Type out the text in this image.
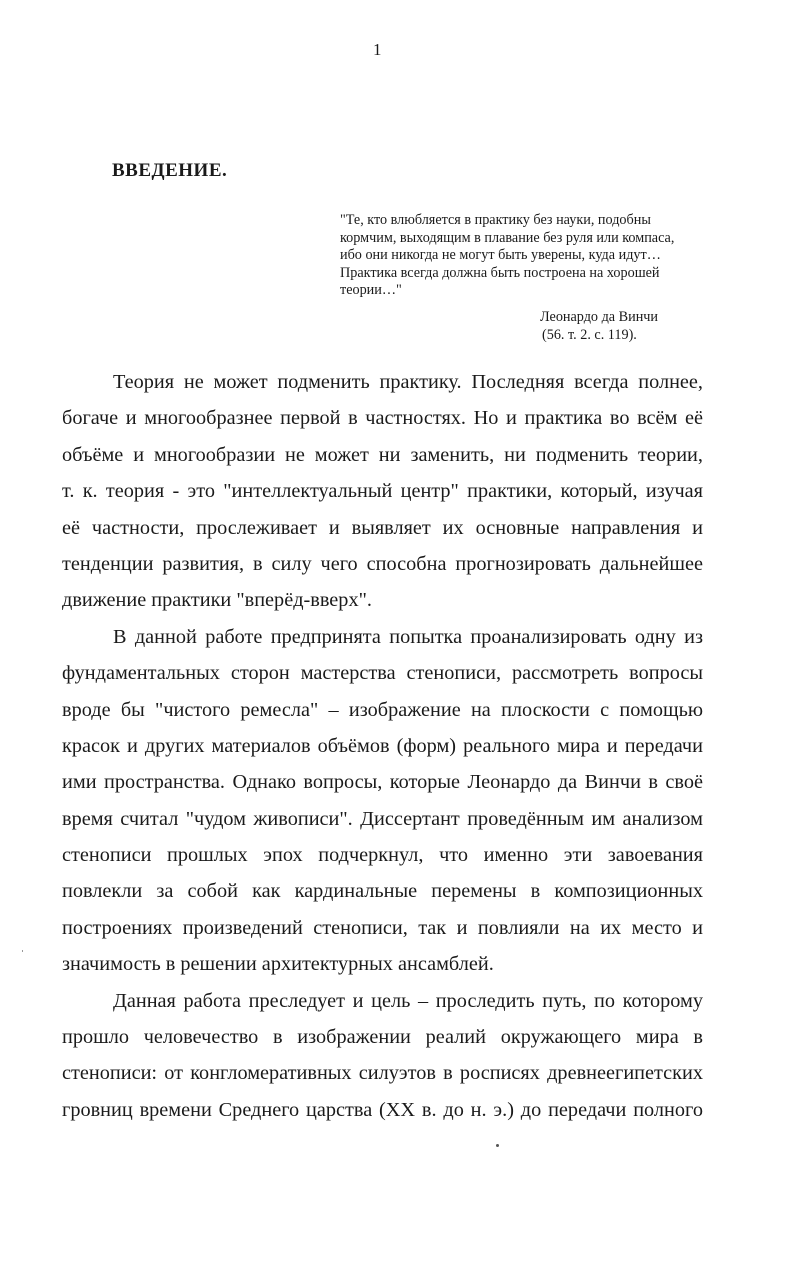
1
ВВЕДЕНИЕ.
"Те, кто влюбляется в практику без науки, подобны
кормчим, выходящим в плавание без руля или компаса,
ибо они никогда не могут быть уверены, куда идут…
Практика всегда должна быть построена на хорошей
теории…"
Леонардо да Винчи
(56. т. 2. с. 119).
Теория не может подменить практику. Последняя всегда полнее,
богаче и многообразнее первой в частностях. Но и практика во всём её
объёме и многообразии не может ни заменить, ни подменить теории,
т. к. теория - это "интеллектуальный центр" практики, который, изучая
её частности, прослеживает и выявляет их основные направления и
тенденции развития, в силу чего способна прогнозировать дальнейшее
движение практики "вперёд-вверх".
В данной работе предпринята попытка проанализировать одну из
фундаментальных сторон мастерства стенописи, рассмотреть вопросы
вроде бы "чистого ремесла" – изображение на плоскости с помощью
красок и других материалов объёмов (форм) реального мира и передачи
ими пространства. Однако вопросы, которые Леонардо да Винчи в своё
время считал "чудом живописи". Диссертант проведённым им анализом
стенописи прошлых эпох подчеркнул, что именно эти завоевания
повлекли за собой как кардинальные перемены в композиционных
построениях произведений стенописи, так и повлияли на их место и
значимость в решении архитектурных ансамблей.
Данная работа преследует и цель – проследить путь, по которому
прошло человечество в изображении реалий окружающего мира в
стенописи: от конгломеративных силуэтов в росписях древнеегипетских
гровниц времени Среднего царства (XX в. до н. э.) до передачи полного
